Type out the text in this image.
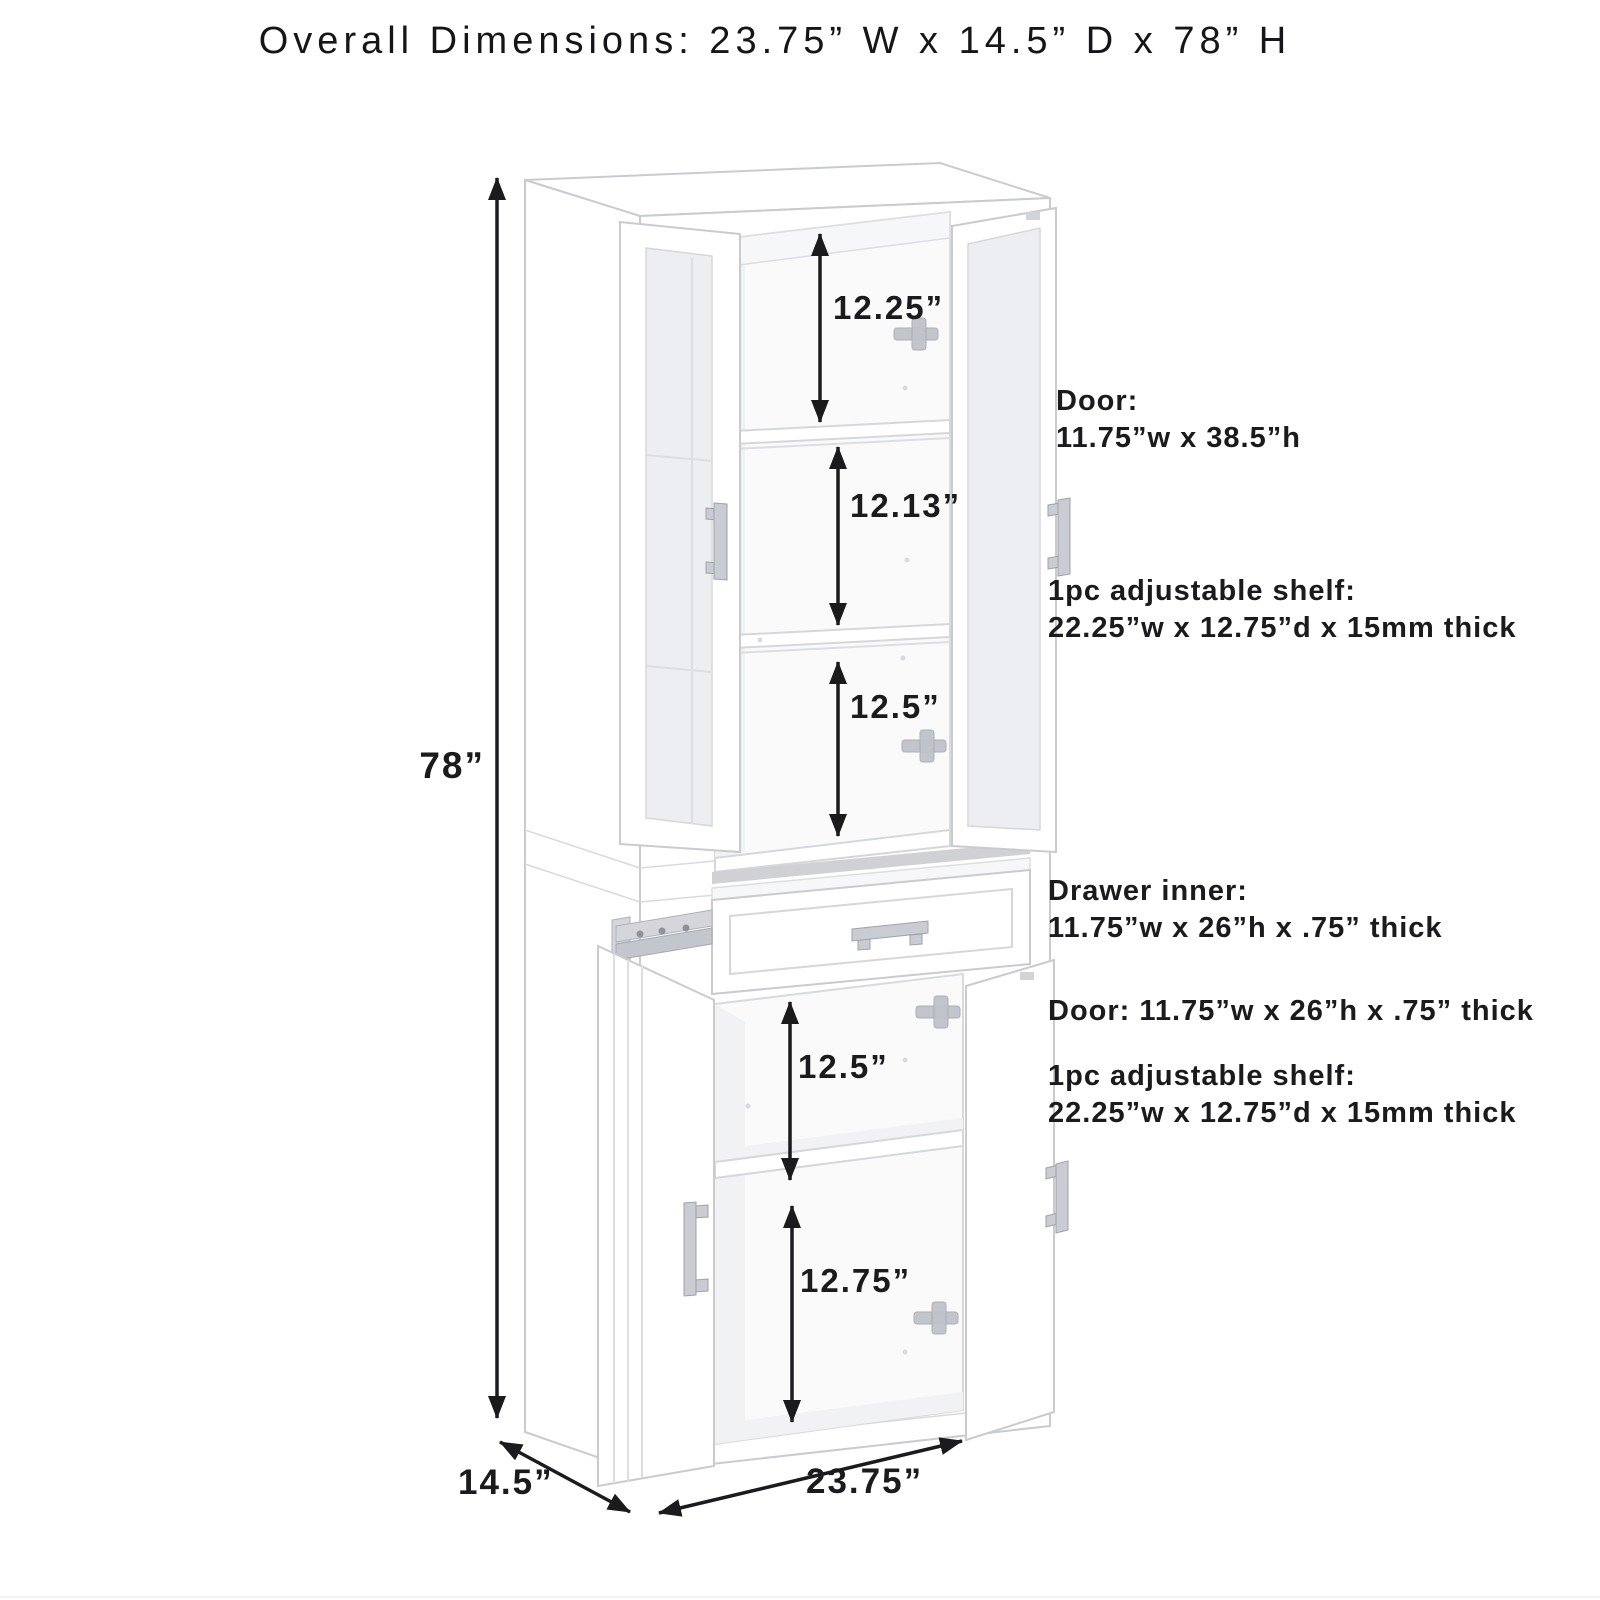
Overall Dimensions: 23.75” W x 14.5” D x 78” H
12.25”
12.13”
12.5”
12.5”
12.75”
78”
14.5”	23.75”
Door:
11.75”w x 38.5”h
1pc adjustable shelf:
22.25”w x 12.75”d x 15mm thick
Drawer inner:
11.75”w x 26”h x .75” thick
Door: 11.75”w x 26”h x .75” thick
1pc adjustable shelf:
22.25”w x 12.75”d x 15mm thick
